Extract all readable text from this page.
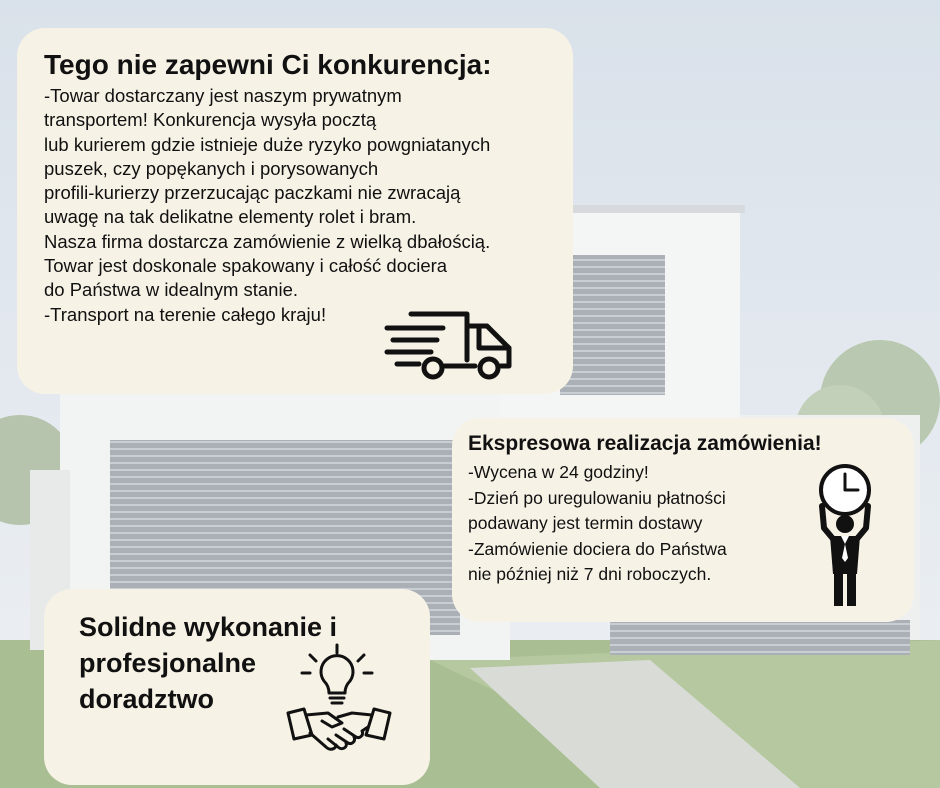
Tego nie zapewni Ci konkurencja:
-Towar dostarczany jest naszym prywatnym
transportem! Konkurencja wysyła pocztą
lub kurierem gdzie istnieje duże ryzyko powgniatanych
puszek, czy popękanych i porysowanych
profili-kurierzy przerzucając paczkami nie zwracają
uwagę na tak delikatne elementy rolet i bram.
Nasza firma dostarcza zamówienie z wielką dbałością.
Towar jest doskonale spakowany i całość dociera
do Państwa w idealnym stanie.
-Transport na terenie całego kraju!
Ekspresowa realizacja zamówienia!
-Wycena w 24 godziny!
-Dzień po uregulowaniu płatności
podawany jest termin dostawy
-Zamówienie dociera do Państwa
nie później niż 7 dni roboczych.
Solidne wykonanie i
profesjonalne
doradztwo
